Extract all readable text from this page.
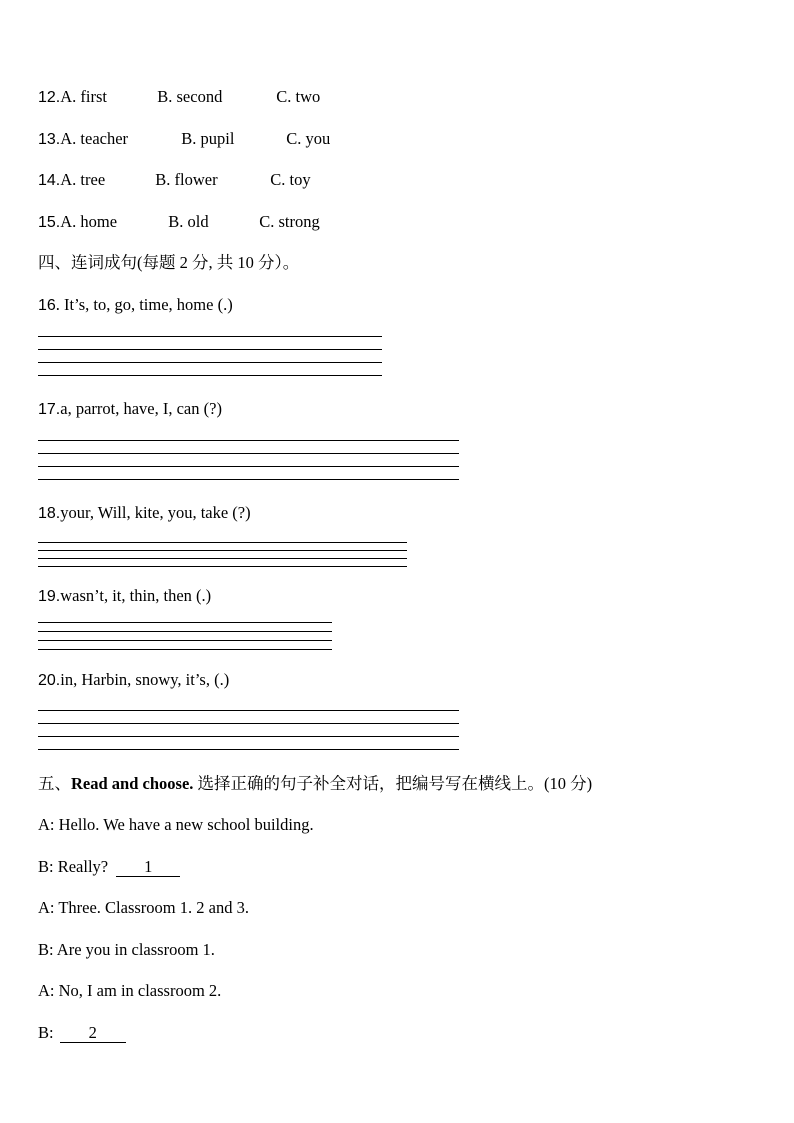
12.A. first	B. second	C. two
13.A. teacher	B. pupil	C. you
14.A. tree	B. flower	C. toy
15.A. home	B. old	C. strong
四、连词成句(每题 2 分, 共 10 分）。
16. It’s, to, go, time, home (.)
17.a, parrot, have, I, can (?)
18.your, Will, kite, you, take (?)
19.wasn’t, it, thin, then (.)
20.in, Harbin, snowy, it’s, (.)
五、Read and choose. 选择正确的句子补全对话，把编号写在横线上。(10 分)
A: Hello. We have a new school building.
B: Really? 1
A: Three. Classroom 1. 2 and 3.
B: Are you in classroom 1.
A: No, I am in classroom 2.
B: 2
